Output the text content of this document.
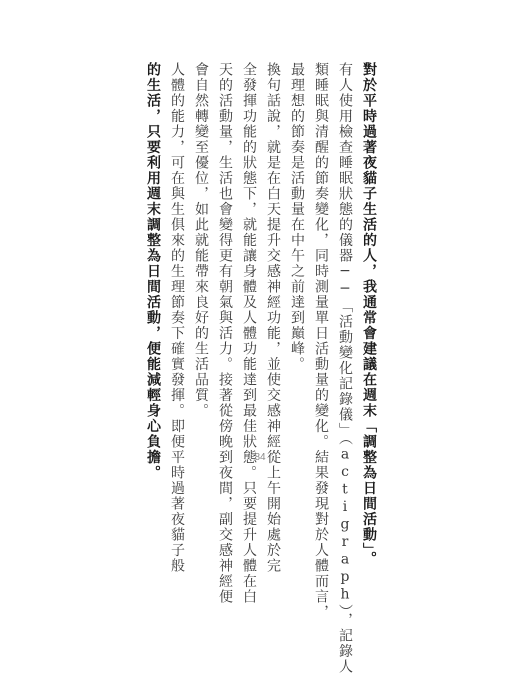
對於平時過著夜貓子生活的人，我通常會建議在週末「調整為日間活動」。
有人使用檢查睡眠狀態的儀器──「活動變化記錄儀」（actigraph），記錄人
類睡眠與清醒的節奏變化，同時測量單日活動量的變化。結果發現對於人體而言，
最理想的節奏是活動量在中午之前達到巔峰。
換句話說，就是在白天提升交感神經功能，並使交感神經從上午開始處於完
全發揮功能的狀態下，就能讓身體及人體功能達到最佳狀態。只要提升人體在白
天的活動量，生活也會變得更有朝氣與活力。接著從傍晚到夜間，副交感神經便
會自然轉變至優位，如此就能帶來良好的生活品質。
人體的能力，可在與生俱來的生理節奏下確實發揮。即便平時過著夜貓子般
的生活，只要利用週末調整為日間活動，便能減輕身心負擔。	84
